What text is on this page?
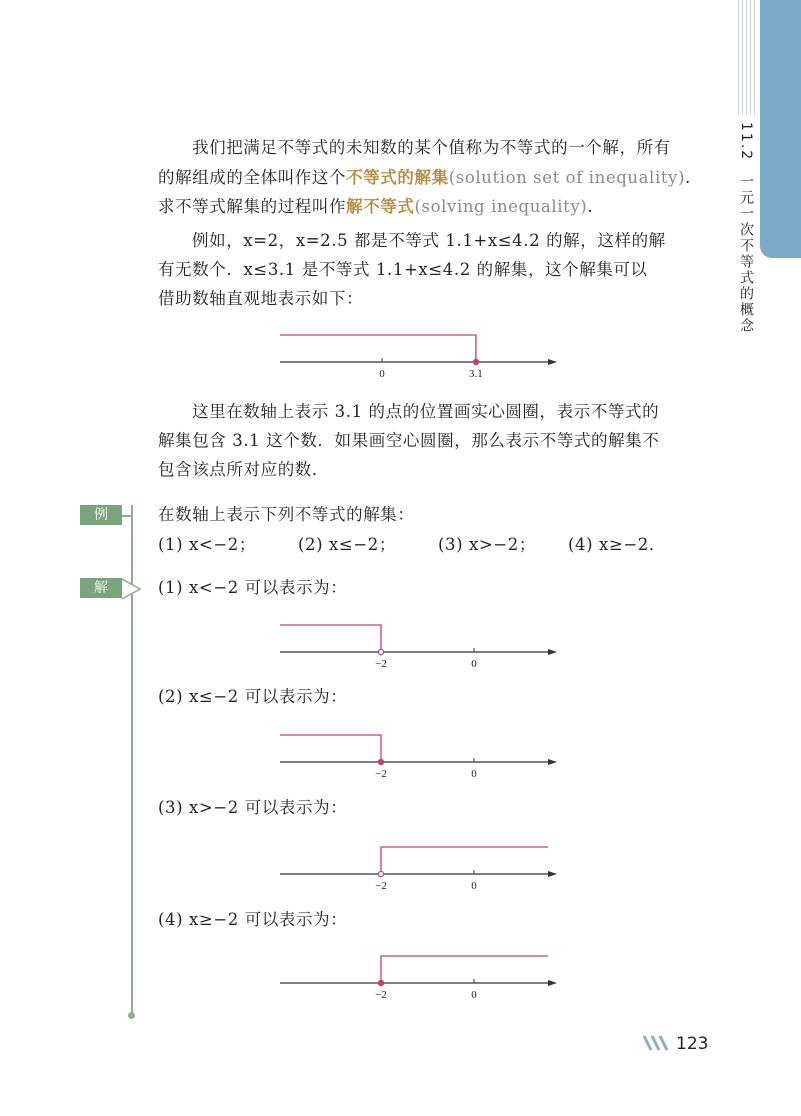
11.2  一元一次不等式的概念
我们把满足不等式的未知数的某个值称为不等式的一个解，所有
的解组成的全体叫作这个不等式的解集(solution set of inequality).
求不等式解集的过程叫作解不等式(solving inequality).
例如，x=2，x=2.5 都是不等式 1.1+x≤4.2 的解，这样的解
有无数个．x≤3.1 是不等式 1.1+x≤4.2 的解集，这个解集可以
借助数轴直观地表示如下：
0	3.1
这里在数轴上表示 3.1 的点的位置画实心圆圈，表示不等式的
解集包含 3.1 这个数．如果画空心圆圈，那么表示不等式的解集不
包含该点所对应的数．
例
解
在数轴上表示下列不等式的解集：
(1) x<−2；	(2) x≤−2；	(3) x>−2； (4) x≥−2．
(1) x<−2 可以表示为：
−2	0
(2) x≤−2 可以表示为：
−2	0
(3) x>−2 可以表示为：
−2	0
(4) x≥−2 可以表示为：
−2	0
123
